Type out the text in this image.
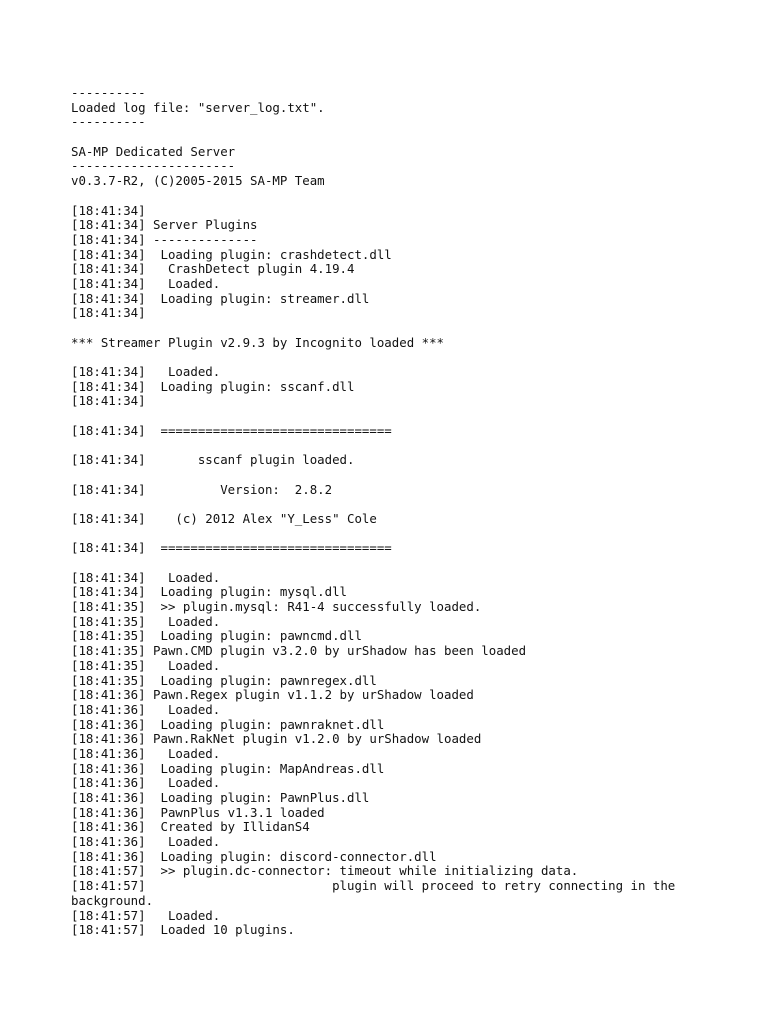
----------
Loaded log file: "server_log.txt".
----------

SA-MP Dedicated Server
----------------------
v0.3.7-R2, (C)2005-2015 SA-MP Team

[18:41:34]
[18:41:34] Server Plugins
[18:41:34] --------------
[18:41:34]  Loading plugin: crashdetect.dll
[18:41:34]   CrashDetect plugin 4.19.4
[18:41:34]   Loaded.
[18:41:34]  Loading plugin: streamer.dll
[18:41:34]

*** Streamer Plugin v2.9.3 by Incognito loaded ***

[18:41:34]   Loaded.
[18:41:34]  Loading plugin: sscanf.dll
[18:41:34]

[18:41:34]  ===============================

[18:41:34]       sscanf plugin loaded.

[18:41:34]          Version:  2.8.2

[18:41:34]    (c) 2012 Alex "Y_Less" Cole

[18:41:34]  ===============================

[18:41:34]   Loaded.
[18:41:34]  Loading plugin: mysql.dll
[18:41:35]  >> plugin.mysql: R41-4 successfully loaded.
[18:41:35]   Loaded.
[18:41:35]  Loading plugin: pawncmd.dll
[18:41:35] Pawn.CMD plugin v3.2.0 by urShadow has been loaded
[18:41:35]   Loaded.
[18:41:35]  Loading plugin: pawnregex.dll
[18:41:36] Pawn.Regex plugin v1.1.2 by urShadow loaded
[18:41:36]   Loaded.
[18:41:36]  Loading plugin: pawnraknet.dll
[18:41:36] Pawn.RakNet plugin v1.2.0 by urShadow loaded
[18:41:36]   Loaded.
[18:41:36]  Loading plugin: MapAndreas.dll
[18:41:36]   Loaded.
[18:41:36]  Loading plugin: PawnPlus.dll
[18:41:36]  PawnPlus v1.3.1 loaded
[18:41:36]  Created by IllidanS4
[18:41:36]   Loaded.
[18:41:36]  Loading plugin: discord-connector.dll
[18:41:57]  >> plugin.dc-connector: timeout while initializing data.
[18:41:57]                         plugin will proceed to retry connecting in the
background.
[18:41:57]   Loaded.
[18:41:57]  Loaded 10 plugins.
